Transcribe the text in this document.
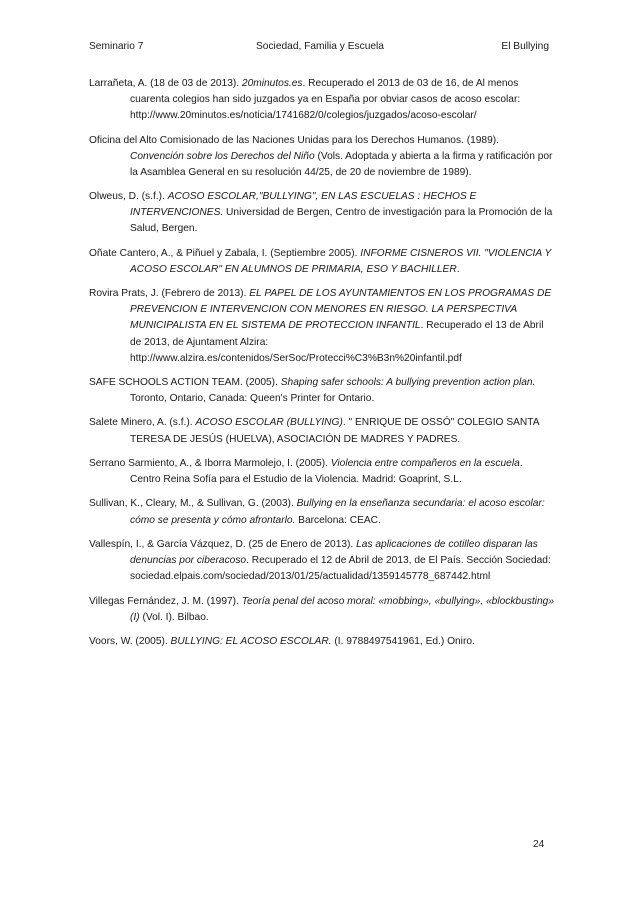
Seminario 7	Sociedad, Familia y Escuela	El Bullying

Larrañeta, A. (18 de 03 de 2013). 20minutos.es. Recuperado el 2013 de 03 de 16, de Al menos cuarenta colegios han sido juzgados ya en España por obviar casos de acoso escolar: http://www.20minutos.es/noticia/1741682/0/colegios/juzgados/acoso-escolar/

Oficina del Alto Comisionado de las Naciones Unidas para los Derechos Humanos. (1989). Convención sobre los Derechos del Niño (Vols. Adoptada y abierta a la firma y ratificación por la Asamblea General en su resolución 44/25, de 20 de noviembre de 1989).

Olweus, D. (s.f.). ACOSO ESCOLAR,"BULLYING", EN LAS ESCUELAS : HECHOS E INTERVENCIONES. Universidad de Bergen, Centro de investigación para la Promoción de la Salud, Bergen.

Oñate Cantero, A., & Piñuel y Zabala, I. (Septiembre 2005). INFORME CISNEROS VII. "VIOLENCIA Y ACOSO ESCOLAR" EN ALUMNOS DE PRIMARIA, ESO Y BACHILLER.

Rovira Prats, J. (Febrero de 2013). EL PAPEL DE LOS AYUNTAMIENTOS EN LOS PROGRAMAS DE PREVENCION E INTERVENCION CON MENORES EN RIESGO. LA PERSPECTIVA MUNICIPALISTA EN EL SISTEMA DE PROTECCION INFANTIL. Recuperado el 13 de Abril de 2013, de Ajuntament Alzira: http://www.alzira.es/contenidos/SerSoc/Protecci%C3%B3n%20infantil.pdf

SAFE SCHOOLS ACTION TEAM. (2005). Shaping safer schools: A bullying prevention action plan. Toronto, Ontario, Canada: Queen's Printer for Ontario.

Salete Minero, A. (s.f.). ACOSO ESCOLAR (BULLYING). " ENRIQUE DE OSSÓ" COLEGIO SANTA TERESA DE JESÚS (HUELVA), ASOCIACIÓN DE MADRES Y PADRES.

Serrano Sarmiento, A., & Iborra Marmolejo, I. (2005). Violencia entre compañeros en la escuela. Centro Reina Sofía para el Estudio de la Violencia. Madrid: Goaprint, S.L.

Sullivan, K., Cleary, M., & Sullivan, G. (2003). Bullying en la enseñanza secundaria: el acoso escolar: cómo se presenta y cómo afrontarlo. Barcelona: CEAC.

Vallespín, I., & García Vázquez, D. (25 de Enero de 2013). Las aplicaciones de cotilleo disparan las denuncias por ciberacoso. Recuperado el 12 de Abril de 2013, de El País. Sección Sociedad: sociedad.elpais.com/sociedad/2013/01/25/actualidad/1359145778_687442.html

Villegas Fernández, J. M. (1997). Teoría penal del acoso moral: «mobbing», «bullying», «blockbusting» (I) (Vol. I). Bilbao.

Voors, W. (2005). BULLYING: EL ACOSO ESCOLAR. (I. 9788497541961, Ed.) Oniro.

24
